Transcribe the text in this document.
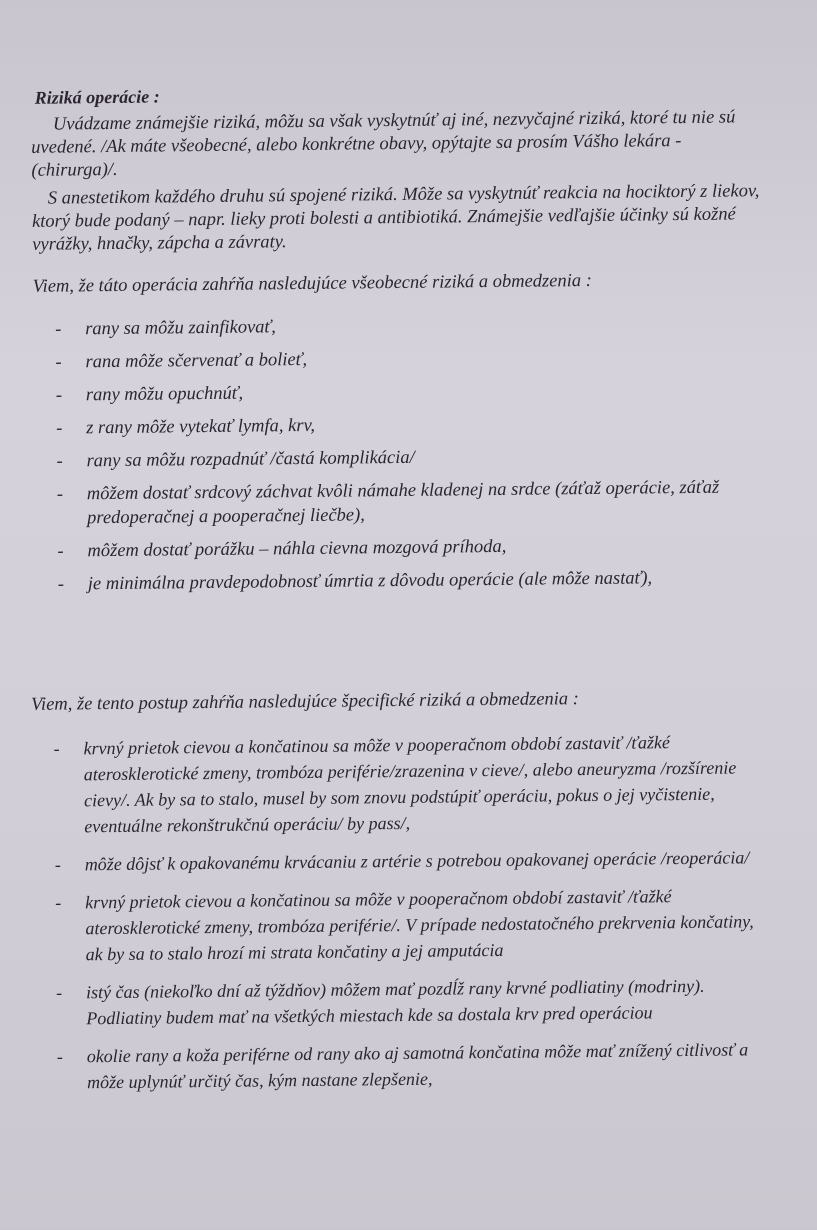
Riziká operácie :
Uvádzame známejšie riziká, môžu sa však vyskytnúť aj iné, nezvyčajné riziká, ktoré tu nie sú uvedené. /Ak máte všeobecné, alebo konkrétne obavy, opýtajte sa prosím Vášho lekára - (chirurga)/.
S anestetikom každého druhu sú spojené riziká. Môže sa vyskytnúť reakcia na hociktorý z liekov, ktorý bude podaný – napr. lieky proti bolesti a antibiotiká. Známejšie vedľajšie účinky sú kožné vyrážky, hnačky, zápcha a závraty.
Viem, že táto operácia zahŕňa nasledujúce všeobecné riziká a obmedzenia :
- rany sa môžu zainfikovať,
- rana môže sčervenať a bolieť,
- rany môžu opuchnúť,
- z rany môže vytekať lymfa, krv,
- rany sa môžu rozpadnúť /častá komplikácia/
- môžem dostať srdcový záchvat kvôli námahe kladenej na srdce (záťaž operácie, záťaž predoperačnej a pooperačnej liečbe),
- môžem dostať porážku – náhla cievna mozgová príhoda,
- je minimálna pravdepodobnosť úmrtia z dôvodu operácie (ale môže nastať),
Viem, že tento postup zahŕňa nasledujúce špecifické riziká a obmedzenia :
- krvný prietok cievou a končatinou sa môže v pooperačnom období zastaviť /ťažké aterosklerotické zmeny, trombóza periférie/zrazenina v cieve/, alebo aneuryzma /rozšírenie cievy/. Ak by sa to stalo, musel by som znovu podstúpiť operáciu, pokus o jej vyčistenie, eventuálne rekonštrukčnú operáciu/ by pass/,
- môže dôjsť k opakovanému krvácaniu z artérie s potrebou opakovanej operácie /reoperácia/
- krvný prietok cievou a končatinou sa môže v pooperačnom období zastaviť /ťažké aterosklerotické zmeny, trombóza periférie/. V prípade nedostatočného prekrvenia končatiny, ak by sa to stalo hrozí mi strata končatiny a jej amputácia
- istý čas (niekoľko dní až týždňov) môžem mať pozdĺž rany krvné podliatiny (modriny). Podliatiny budem mať na všetkých miestach kde sa dostala krv pred operáciou
- okolie rany a koža periférne od rany ako aj samotná končatina môže mať znížený citlivosť a môže uplynúť určitý čas, kým nastane zlepšenie,
